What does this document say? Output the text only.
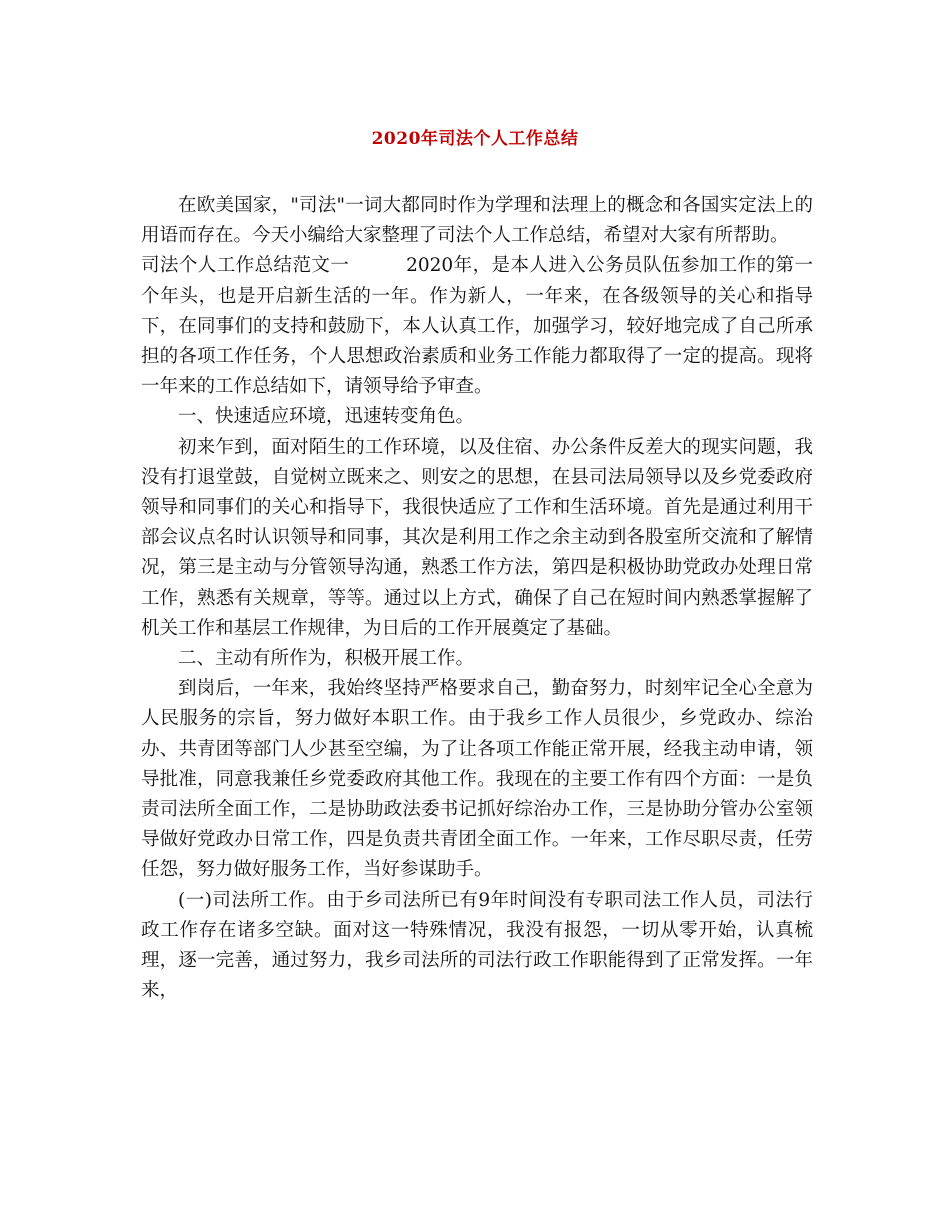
2020年司法个人工作总结

在欧美国家，"司法"一词大都同时作为学理和法理上的概念和各国实定法上的用语而存在。今天小编给大家整理了司法个人工作总结，希望对大家有所帮助。

司法个人工作总结范文一　　　2020年，是本人进入公务员队伍参加工作的第一个年头，也是开启新生活的一年。作为新人，一年来，在各级领导的关心和指导下，在同事们的支持和鼓励下，本人认真工作，加强学习，较好地完成了自己所承担的各项工作任务，个人思想政治素质和业务工作能力都取得了一定的提高。现将一年来的工作总结如下，请领导给予审查。

一、快速适应环境，迅速转变角色。

初来乍到，面对陌生的工作环境，以及住宿、办公条件反差大的现实问题，我没有打退堂鼓，自觉树立既来之、则安之的思想，在县司法局领导以及乡党委政府领导和同事们的关心和指导下，我很快适应了工作和生活环境。首先是通过利用干部会议点名时认识领导和同事，其次是利用工作之余主动到各股室所交流和了解情况，第三是主动与分管领导沟通，熟悉工作方法，第四是积极协助党政办处理日常工作，熟悉有关规章，等等。通过以上方式，确保了自己在短时间内熟悉掌握解了机关工作和基层工作规律，为日后的工作开展奠定了基础。

二、主动有所作为，积极开展工作。

到岗后，一年来，我始终坚持严格要求自己，勤奋努力，时刻牢记全心全意为人民服务的宗旨，努力做好本职工作。由于我乡工作人员很少，乡党政办、综治办、共青团等部门人少甚至空编，为了让各项工作能正常开展，经我主动申请，领导批准，同意我兼任乡党委政府其他工作。我现在的主要工作有四个方面：一是负责司法所全面工作，二是协助政法委书记抓好综治办工作，三是协助分管办公室领导做好党政办日常工作，四是负责共青团全面工作。一年来，工作尽职尽责，任劳任怨，努力做好服务工作，当好参谋助手。

(一)司法所工作。由于乡司法所已有9年时间没有专职司法工作人员，司法行政工作存在诸多空缺。面对这一特殊情况，我没有报怨，一切从零开始，认真梳理，逐一完善，通过努力，我乡司法所的司法行政工作职能得到了正常发挥。一年来，
